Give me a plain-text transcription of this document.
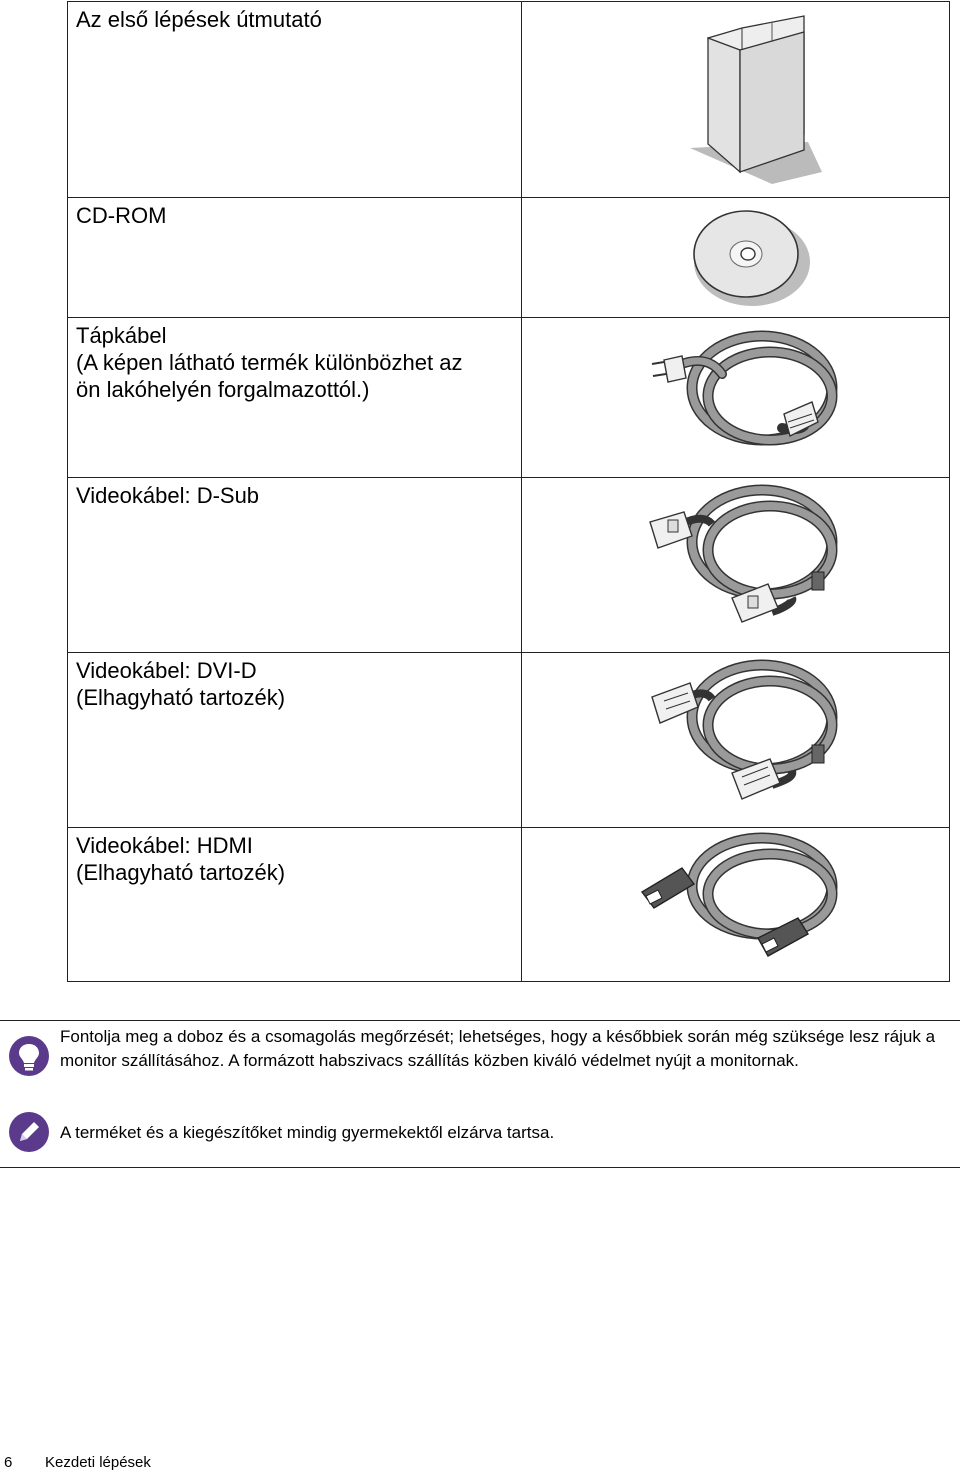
Az első lépések útmutató

CD-ROM

Tápkábel
(A képen látható termék különbözhet az
ön lakóhelyén forgalmazottól.)

Videokábel: D-Sub

Videokábel: DVI-D
(Elhagyható tartozék)

Videokábel: HDMI
(Elhagyható tartozék)

Fontolja meg a doboz és a csomagolás megőrzését; lehetséges, hogy a későbbiek során még szüksége lesz rájuk a monitor szállításához. A formázott habszivacs szállítás közben kiváló védelmet nyújt a monitornak.
A terméket és a kiegészítőket mindig gyermekektől elzárva tartsa.
6 Kezdeti lépések
